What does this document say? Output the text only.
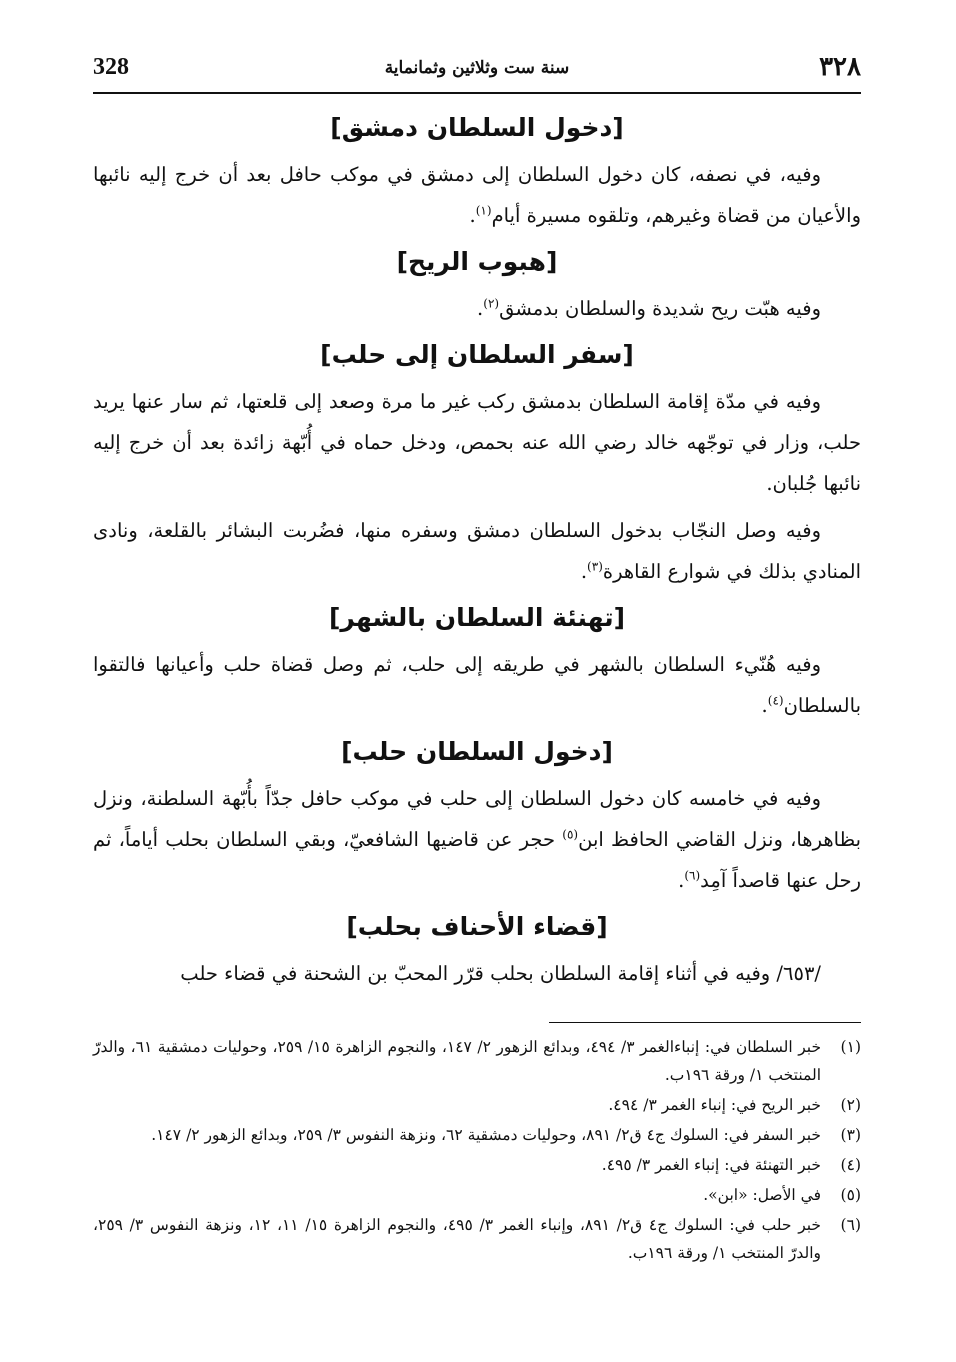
328	سنة ست وثلاثين وثمانماية	٣٢٨
[دخول السلطان دمشق]

وفيه، في نصفه، كان دخول السلطان إلى دمشق في موكب حافل بعد أن خرج إليه نائبها والأعيان من قضاة وغيرهم، وتلقوه مسيرة أيام$^{(١)}$.

[هبوب الريح]

وفيه هبّت ريح شديدة والسلطان بدمشق$^{(٢)}$.

[سفر السلطان إلى حلب]

وفيه في مدّة إقامة السلطان بدمشق ركب غير ما مرة وصعد إلى قلعتها، ثم سار عنها يريد حلب، وزار في توجّهه خالد رضي الله عنه بحمص، ودخل حماه في أُبّهة زائدة بعد أن خرج إليه نائبها جُلبان.

وفيه وصل النجّاب بدخول السلطان دمشق وسفره منها، فضُربت البشائر بالقلعة، ونادى المنادي بذلك في شوارع القاهرة$^{(٣)}$.

[تهنئة السلطان بالشهر]

وفيه هُنّيء السلطان بالشهر في طريقه إلى حلب، ثم وصل قضاة حلب وأعيانها فالتقوا بالسلطان$^{(٤)}$.

[دخول السلطان حلب]

وفيه في خامسه كان دخول السلطان إلى حلب في موكب حافل جدّاً بأُبّهة السلطنة، ونزل بظاهرها، ونزل القاضي الحافظ ابن$^{(٥)}$ حجر عن قاضيها الشافعيّ، وبقي السلطان بحلب أياماً، ثم رحل عنها قاصداً آمِد$^{(٦)}$.

[قضاء الأحناف بحلب]

/٦٥٣/ وفيه في أثناء إقامة السلطان بحلب قرّر المحبّ بن الشحنة في قضاء حلب

(١)
خبر السلطان في: إنباءالغمر ٣/ ٤٩٤، وبدائع الزهور ٢/ ١٤٧، والنجوم الزاهرة ١٥/ ٢٥٩، وحوليات دمشقية ٦١، والدرّ المنتخب ١/ ورقة ١٩٦ب.
(٢)
خبر الريح في: إنباء الغمر ٣/ ٤٩٤.
(٣)
خبر السفر في: السلوك ج٤ ق٢/ ٨٩١، وحوليات دمشقية ٦٢، ونزهة النفوس ٣/ ٢٥٩، وبدائع الزهور ٢/ ١٤٧.
(٤)
خبر التهنئة في: إنباء الغمر ٣/ ٤٩٥.
(٥)
في الأصل: «ابن».
(٦)
خبر حلب في: السلوك ج٤ ق٢/ ٨٩١، وإنباء الغمر ٣/ ٤٩٥، والنجوم الزاهرة ١٥/ ١١، ١٢، ونزهة النفوس ٣/ ٢٥٩، والدرّ المنتخب ١/ ورقة ١٩٦ب.
